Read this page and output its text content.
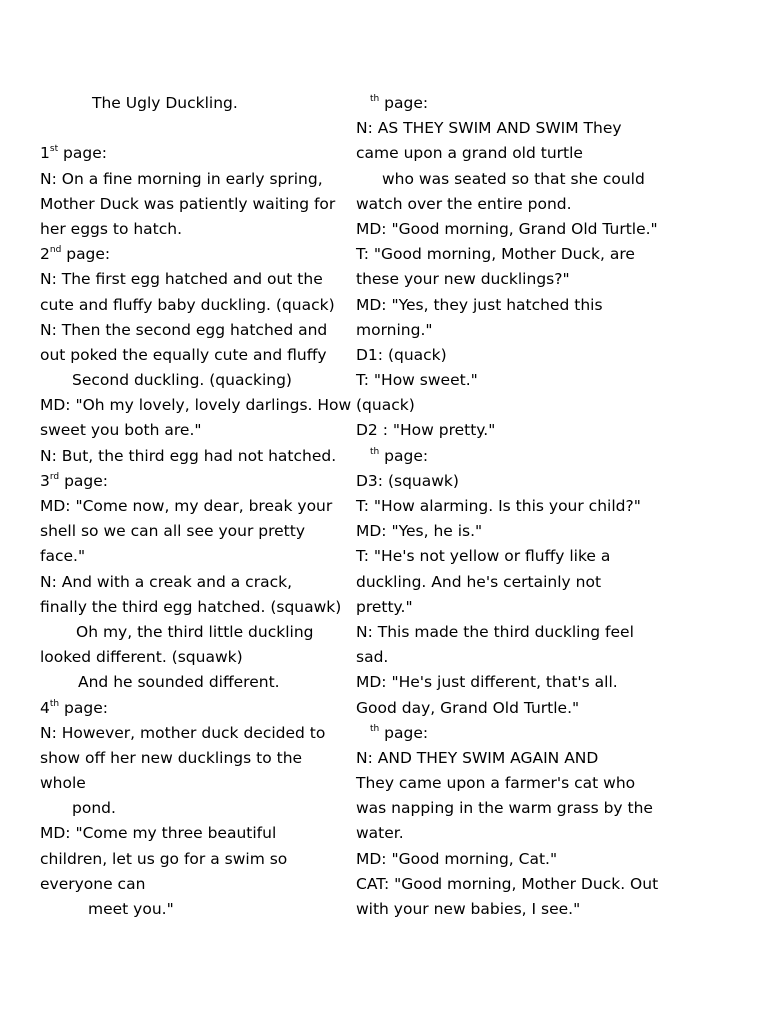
The Ugly Duckling.
1st page:
N: On a fine morning in early spring,
Mother Duck was patiently waiting for
her eggs to hatch.
2nd page:
N: The first egg hatched and out the
cute and fluffy baby duckling. (quack)
N: Then the second egg hatched and
out poked the equally cute and fluffy
Second duckling. (quacking)
MD: "Oh my lovely, lovely darlings. How
sweet you both are."
N: But, the third egg had not hatched.
3rd page:
MD: "Come now, my dear, break your
shell so we can all see your pretty
face."
N: And with a creak and a crack,
finally the third egg hatched. (squawk)
Oh my, the third little duckling
looked different. (squawk)
And he sounded different.
4th page:
N: However, mother duck decided to
show off her new ducklings to the
whole
pond.
MD: "Come my three beautiful
children, let us go for a swim so
everyone can
meet you."
$^{th}$ page:
N: AS THEY SWIM AND SWIM They
came upon a grand old turtle
who was seated so that she could
watch over the entire pond.
MD: "Good morning, Grand Old Turtle."
T: "Good morning, Mother Duck, are
these your new ducklings?"
MD: "Yes, they just hatched this
morning."
D1: (quack)
T: "How sweet."
(quack)
D2 : "How pretty."
$^{th}$ page:
D3: (squawk)
T: "How alarming. Is this your child?"
MD: "Yes, he is."
T: "He's not yellow or fluffy like a
duckling. And he's certainly not
pretty."
N: This made the third duckling feel
sad.
MD: "He's just different, that's all.
Good day, Grand Old Turtle."
$^{th}$ page:
N: AND THEY SWIM AGAIN AND
They came upon a farmer's cat who
was napping in the warm grass by the
water.
MD: "Good morning, Cat."
CAT: "Good morning, Mother Duck. Out
with your new babies, I see."
